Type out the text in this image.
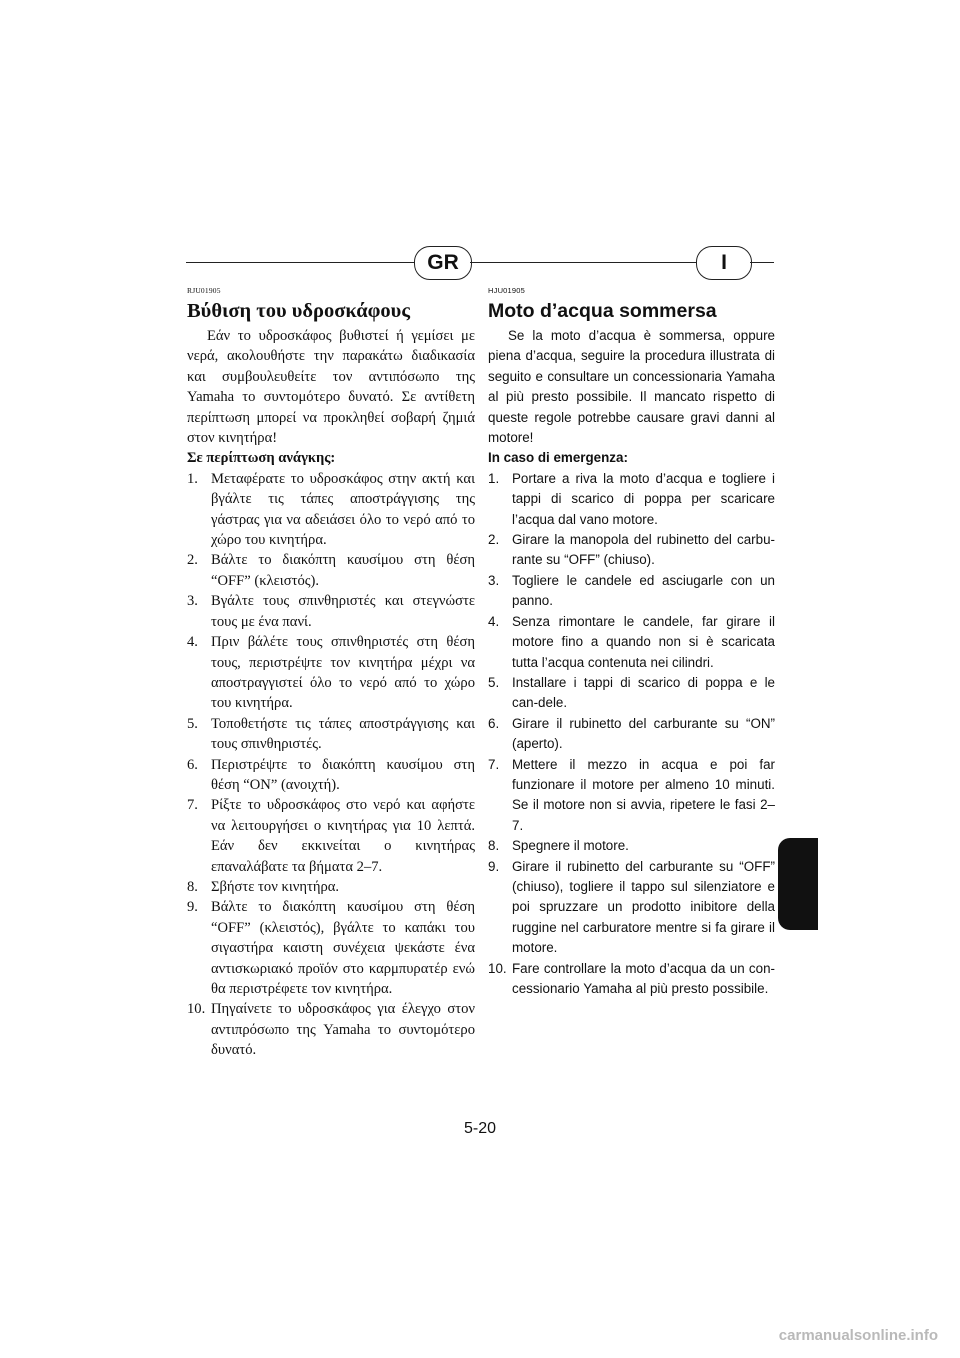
GR	I
RJU01905
Βύθιση του υδροσκάφους

Εάν το υδροσκάφος βυθιστεί ή γεμίσει με νερά, ακολουθήστε την παρακάτω διαδικασία και συμβουλευθείτε τον αντιπόσωπο της Yamaha το συντομότερο δυνατό. Σε αντίθετη περίπτωση μπορεί να προκληθεί σοβαρή ζημιά στον κινητήρα!

Σε περίπτωση ανάγκης:
1. Μεταφέρατε το υδροσκάφος στην ακτή και βγάλτε τις τάπες αποστράγγισης της γάστρας για να αδειάσει όλο το νερό από το χώρο του κινητήρα.
2. Βάλτε το διακόπτη καυσίμου στη θέση “OFF” (κλειστός).
3. Βγάλτε τους σπινθηριστές και στεγνώστε τους με ένα πανί.
4. Πριν βάλέτε τους σπινθηριστές στη θέση τους, περιστρέψτε τον κινητήρα μέχρι να αποστραγγιστεί όλο το νερό από το χώρο του κινητήρα.
5. Τοποθετήστε τις τάπες αποστράγγισης και τους σπινθηριστές.
6. Περιστρέψτε το διακόπτη καυσίμου στη θέση “ON” (ανοιχτή).
7. Ρίξτε το υδροσκάφος στο νερό και αφήστε να λειτουργήσει ο κινητήρας για 10 λεπτά. Εάν δεν εκκινείται ο κινητήρας επαναλάβατε τα βήματα 2–7.
8. Σβήστε τον κινητήρα.
9. Βάλτε το διακόπτη καυσίμου στη θέση “OFF” (κλειστός), βγάλτε το καπάκι του σιγαστήρα καιστη συνέχεια ψεκάστε ένα αντισκωριακό προϊόν στο καρμπυρατέρ ενώ θα περιστρέφετε τον κινητήρα.
10. Πηγαίνετε το υδροσκάφος για έλεγχο στον αντιπρόσωπο της Yamaha το συντομότερο δυνατό.
HJU01905
Moto d’acqua sommersa

Se la moto d’acqua è sommersa, oppure piena d’acqua, seguire la procedura illustrata di seguito e consultare un concessionaria Yamaha al più presto possibile. Il mancato rispetto di queste regole potrebbe causare gravi danni al motore!

In caso di emergenza:
1. Portare a riva la moto d’acqua e togliere i tappi di scarico di poppa per scaricare l’acqua dal vano motore.
2. Girare la manopola del rubinetto del carbu-rante su “OFF” (chiuso).
3. Togliere le candele ed asciugarle con un panno.
4. Senza rimontare le candele, far girare il motore fino a quando non si è scaricata tutta l’acqua contenuta nei cilindri.
5. Installare i tappi di scarico di poppa e le can-dele.
6. Girare il rubinetto del carburante su “ON” (aperto).
7. Mettere il mezzo in acqua e poi far funzionare il motore per almeno 10 minuti. Se il motore non si avvia, ripetere le fasi 2–7.
8. Spegnere il motore.
9. Girare il rubinetto del carburante su “OFF” (chiuso), togliere il tappo sul silenziatore e poi spruzzare un prodotto inibitore della ruggine nel carburatore mentre si fa girare il motore.
10. Fare controllare la moto d’acqua da un con-cessionario Yamaha al più presto possibile.
5-20
carmanualsonline.info
